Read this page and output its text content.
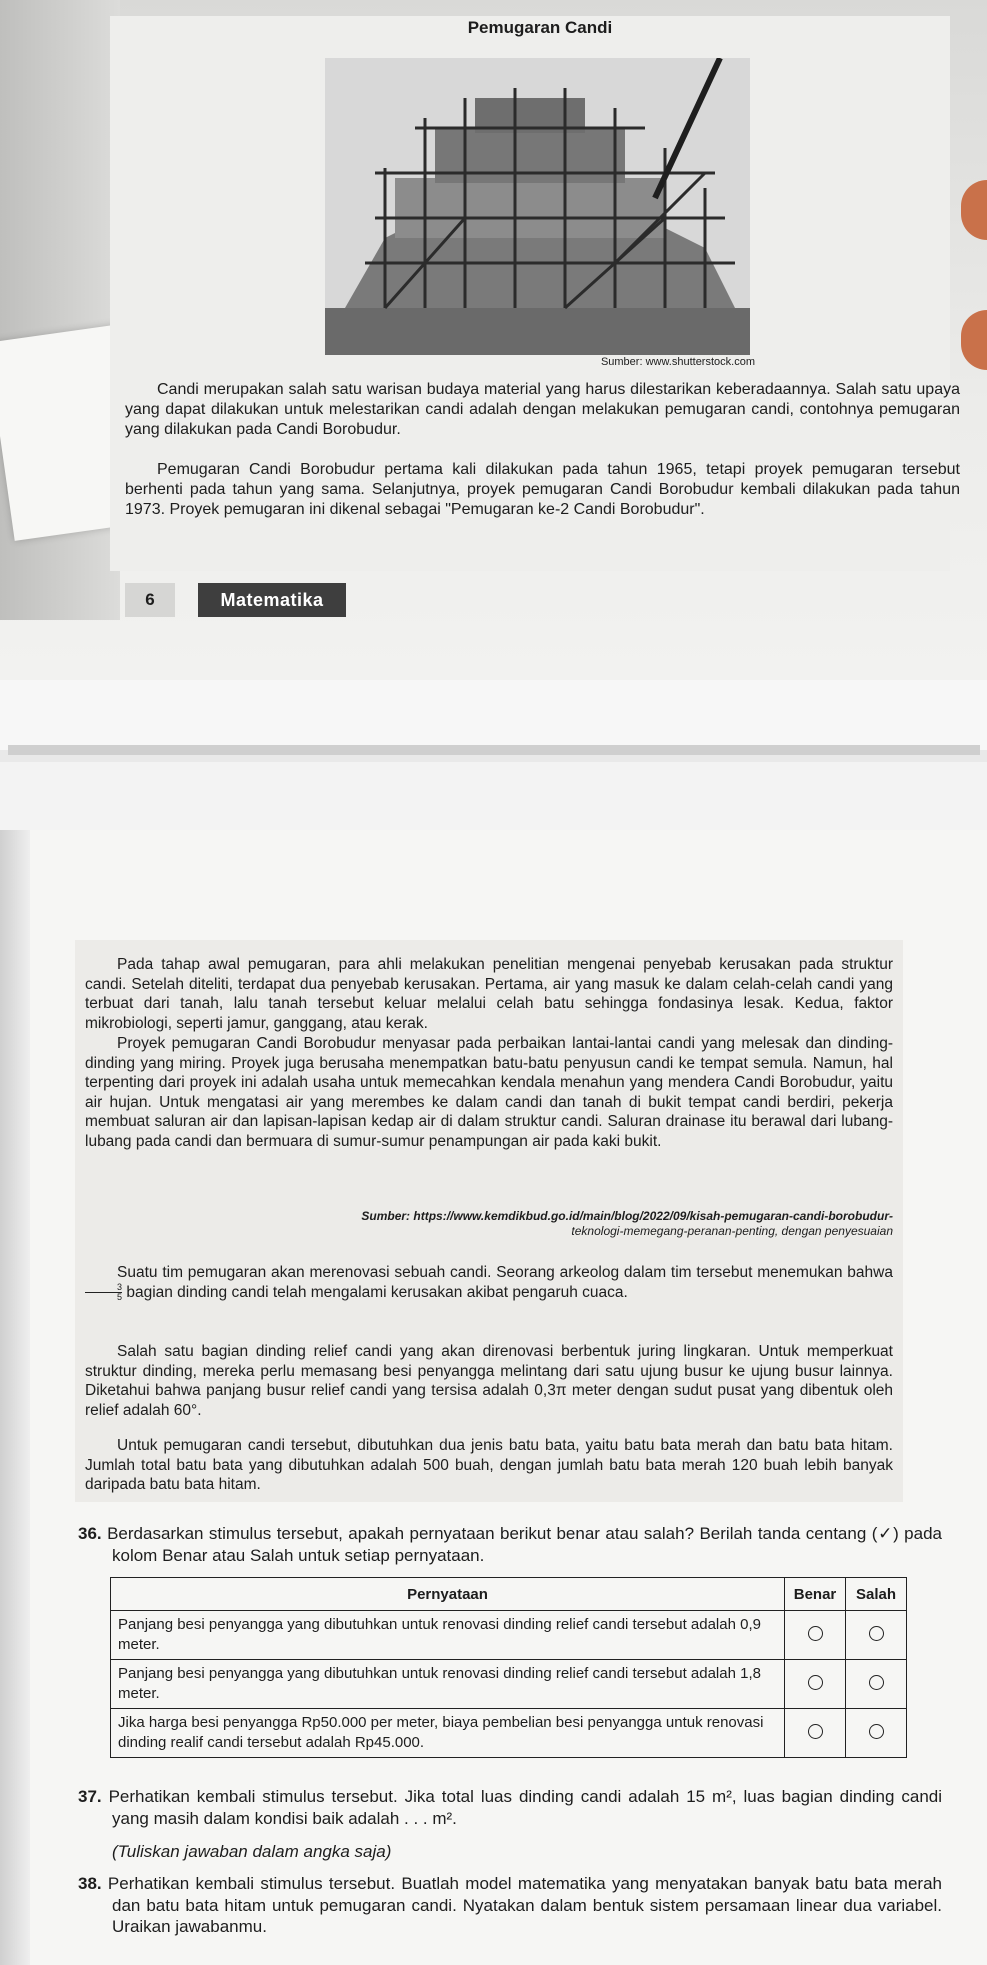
Pemugaran Candi
Sumber: www.shutterstock.com

Candi merupakan salah satu warisan budaya material yang harus dilestarikan keberadaannya. Salah satu upaya yang dapat dilakukan untuk melestarikan candi adalah dengan melakukan pemugaran candi, contohnya pemugaran yang dilakukan pada Candi Borobudur.

Pemugaran Candi Borobudur pertama kali dilakukan pada tahun 1965, tetapi proyek pemugaran tersebut berhenti pada tahun yang sama. Selanjutnya, proyek pemugaran Candi Borobudur kembali dilakukan pada tahun 1973. Proyek pemugaran ini dikenal sebagai "Pemugaran ke-2 Candi Borobudur".

6	Matematika

Pada tahap awal pemugaran, para ahli melakukan penelitian mengenai penyebab kerusakan pada struktur candi. Setelah diteliti, terdapat dua penyebab kerusakan. Pertama, air yang masuk ke dalam celah-celah candi yang terbuat dari tanah, lalu tanah tersebut keluar melalui celah batu sehingga fondasinya lesak. Kedua, faktor mikrobiologi, seperti jamur, ganggang, atau kerak.

Proyek pemugaran Candi Borobudur menyasar pada perbaikan lantai-lantai candi yang melesak dan dinding-dinding yang miring. Proyek juga berusaha menempatkan batu-batu penyusun candi ke tempat semula. Namun, hal terpenting dari proyek ini adalah usaha untuk memecahkan kendala menahun yang mendera Candi Borobudur, yaitu air hujan. Untuk mengatasi air yang merembes ke dalam candi dan tanah di bukit tempat candi berdiri, pekerja membuat saluran air dan lapisan-lapisan kedap air di dalam struktur candi. Saluran drainase itu berawal dari lubang-lubang pada candi dan bermuara di sumur-sumur penampungan air pada kaki bukit.

Sumber: https://www.kemdikbud.go.id/main/blog/2022/09/kisah-pemugaran-candi-borobudur-
teknologi-memegang-peranan-penting, dengan penyesuaian

Suatu tim pemugaran akan merenovasi sebuah candi. Seorang arkeolog dalam tim tersebut menemukan bahwa
$\frac{3}{5}$ bagian dinding candi telah mengalami kerusakan akibat pengaruh cuaca.

Salah satu bagian dinding relief candi yang akan direnovasi berbentuk juring lingkaran. Untuk memperkuat struktur dinding, mereka perlu memasang besi penyangga melintang dari satu ujung busur ke ujung busur lainnya. Diketahui bahwa panjang busur relief candi yang tersisa adalah 0,3π meter dengan sudut pusat yang dibentuk oleh relief adalah 60°.

Untuk pemugaran candi tersebut, dibutuhkan dua jenis batu bata, yaitu batu bata merah dan batu bata hitam. Jumlah total batu bata yang dibutuhkan adalah 500 buah, dengan jumlah batu bata merah 120 buah lebih banyak daripada batu bata hitam.

36. Berdasarkan stimulus tersebut, apakah pernyataan berikut benar atau salah? Berilah tanda centang (✓) pada kolom Benar atau Salah untuk setiap pernyataan.

Pernyataan	Benar	Salah
Panjang besi penyangga yang dibutuhkan untuk renovasi dinding relief candi tersebut adalah 0,9 meter.		
Panjang besi penyangga yang dibutuhkan untuk renovasi dinding relief candi tersebut adalah 1,8 meter.		
Jika harga besi penyangga Rp50.000 per meter, biaya pembelian besi penyangga untuk renovasi dinding realif candi tersebut adalah Rp45.000.		

37. Perhatikan kembali stimulus tersebut. Jika total luas dinding candi adalah 15 m², luas bagian dinding candi yang masih dalam kondisi baik adalah . . . m².

(Tuliskan jawaban dalam angka saja)

38. Perhatikan kembali stimulus tersebut. Buatlah model matematika yang menyatakan banyak batu bata merah dan batu bata hitam untuk pemugaran candi. Nyatakan dalam bentuk sistem persamaan linear dua variabel. Uraikan jawabanmu.
